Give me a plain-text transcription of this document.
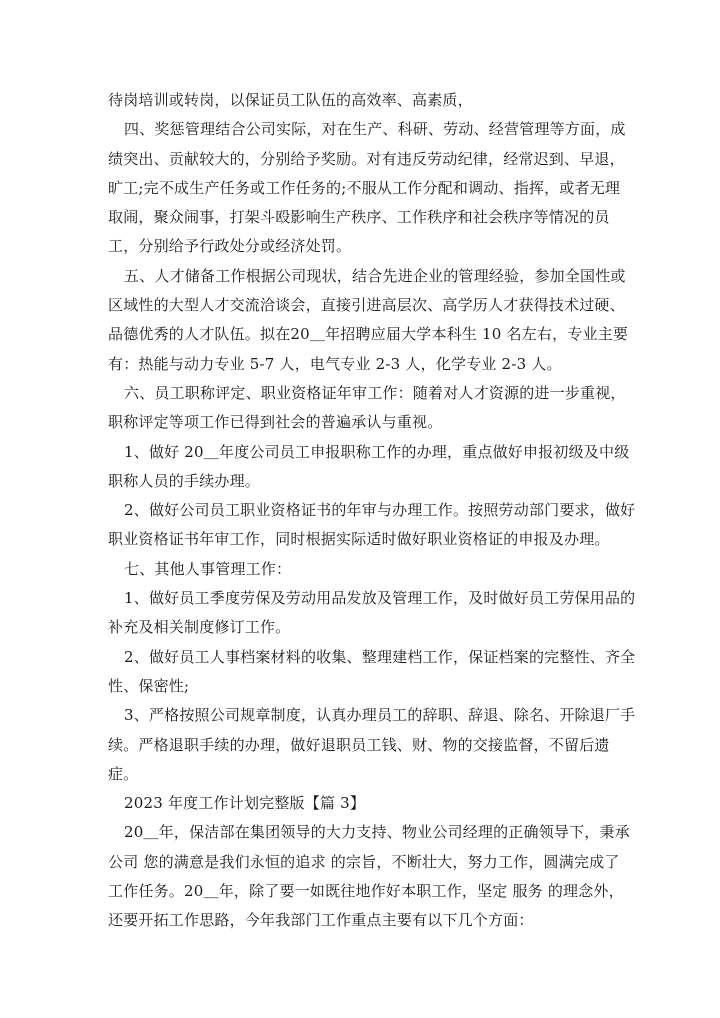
待岗培训或转岗，以保证员工队伍的高效率、高素质，
四、奖惩管理结合公司实际，对在生产、科研、劳动、经营管理等方面，成
绩突出、贡献较大的，分别给予奖励。对有违反劳动纪律，经常迟到、早退，
旷工;完不成生产任务或工作任务的;不服从工作分配和调动、指挥，或者无理
取闹，聚众闹事，打架斗殴影响生产秩序、工作秩序和社会秩序等情况的员
工，分别给予行政处分或经济处罚。
五、人才储备工作根据公司现状，结合先进企业的管理经验，参加全国性或
区域性的大型人才交流洽谈会，直接引进高层次、高学历人才获得技术过硬、
品德优秀的人才队伍。拟在20＿年招聘应届大学本科生 10 名左右，专业主要
有：热能与动力专业 5-7 人，电气专业 2-3 人，化学专业 2-3 人。
六、员工职称评定、职业资格证年审工作：随着对人才资源的进一步重视，
职称评定等项工作已得到社会的普遍承认与重视。
1、做好 20＿年度公司员工申报职称工作的办理，重点做好申报初级及中级
职称人员的手续办理。
2、做好公司员工职业资格证书的年审与办理工作。按照劳动部门要求，做好
职业资格证书年审工作，同时根据实际适时做好职业资格证的申报及办理。
七、其他人事管理工作：
1、做好员工季度劳保及劳动用品发放及管理工作，及时做好员工劳保用品的
补充及相关制度修订工作。
2、做好员工人事档案材料的收集、整理建档工作，保证档案的完整性、齐全
性、保密性;
3、严格按照公司规章制度，认真办理员工的辞职、辞退、除名、开除退厂手
续。严格退职手续的办理，做好退职员工钱、财、物的交接监督，不留后遗
症。
2023 年度工作计划完整版【篇 3】
20＿年，保洁部在集团领导的大力支持、物业公司经理的正确领导下，秉承
公司 您的满意是我们永恒的追求 的宗旨，不断壮大，努力工作，圆满完成了
工作任务。20＿年，除了要一如既往地作好本职工作，坚定 服务 的理念外，
还要开拓工作思路，今年我部门工作重点主要有以下几个方面：
